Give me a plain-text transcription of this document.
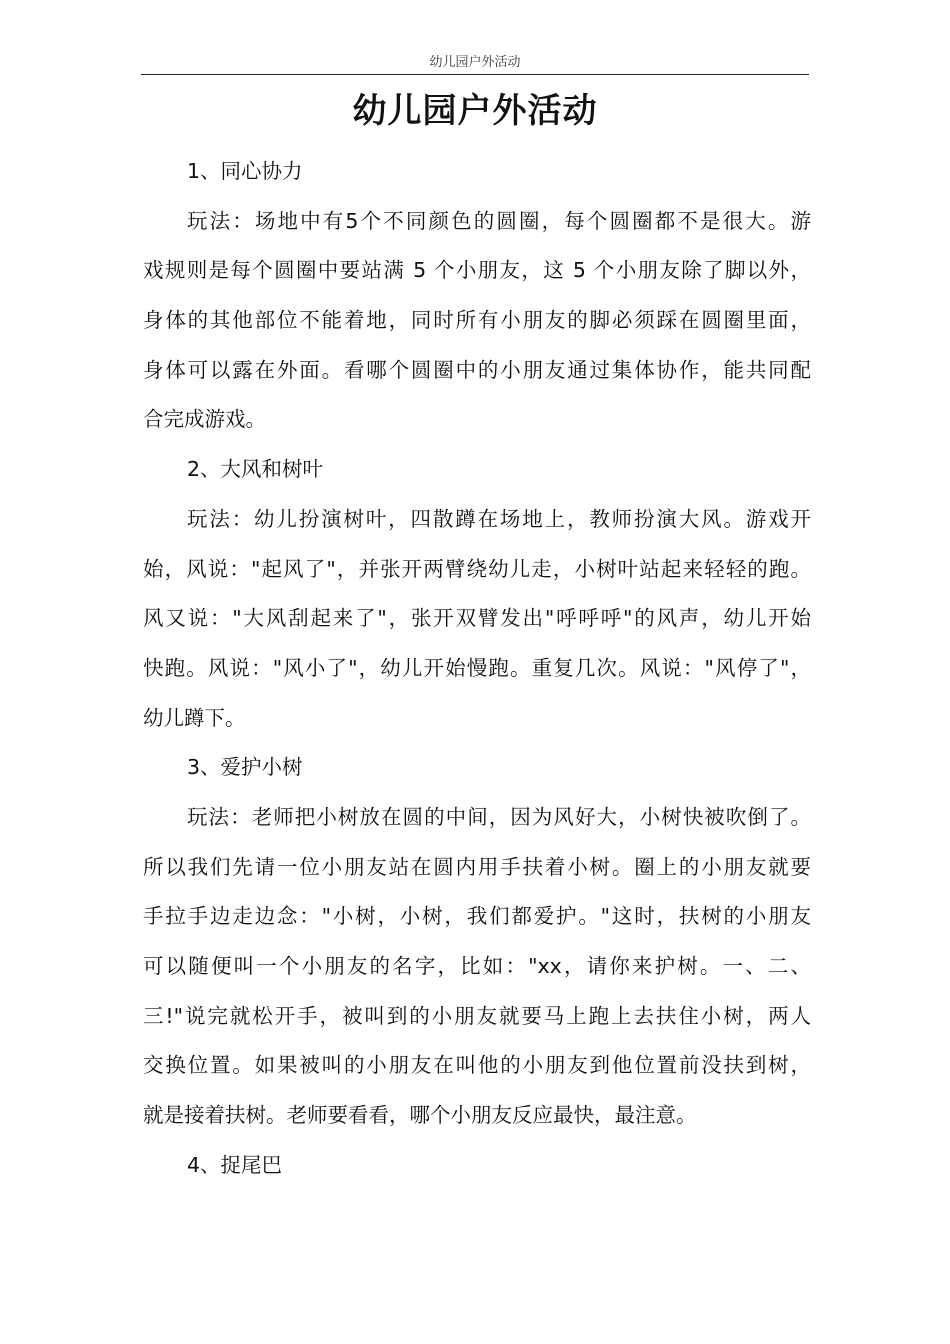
幼儿园户外活动
幼儿园户外活动

1、同心协力

玩法：场地中有5个不同颜色的圆圈，每个圆圈都不是很大。游
戏规则是每个圆圈中要站满 5 个小朋友，这 5 个小朋友除了脚以外，
身体的其他部位不能着地，同时所有小朋友的脚必须踩在圆圈里面，
身体可以露在外面。看哪个圆圈中的小朋友通过集体协作，能共同配
合完成游戏。

2、大风和树叶

玩法：幼儿扮演树叶，四散蹲在场地上，教师扮演大风。游戏开
始，风说："起风了"，并张开两臂绕幼儿走，小树叶站起来轻轻的跑。
风又说："大风刮起来了"，张开双臂发出"呼呼呼"的风声，幼儿开始
快跑。风说："风小了"，幼儿开始慢跑。重复几次。风说："风停了"，
幼儿蹲下。

3、爱护小树

玩法：老师把小树放在圆的中间，因为风好大，小树快被吹倒了。
所以我们先请一位小朋友站在圆内用手扶着小树。圈上的小朋友就要
手拉手边走边念："小树，小树，我们都爱护。"这时，扶树的小朋友
可以随便叫一个小朋友的名字，比如："xx，请你来护树。一、二、
三!"说完就松开手，被叫到的小朋友就要马上跑上去扶住小树，两人
交换位置。如果被叫的小朋友在叫他的小朋友到他位置前没扶到树，
就是接着扶树。老师要看看，哪个小朋友反应最快，最注意。

4、捉尾巴
